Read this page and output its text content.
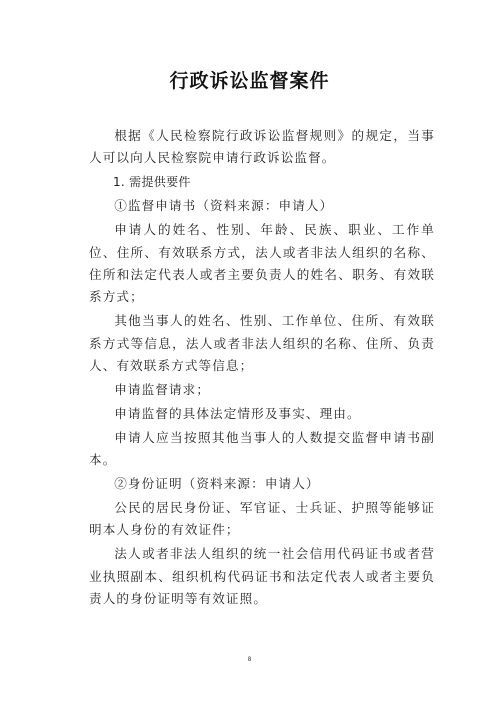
行政诉讼监督案件

根据《人民检察院行政诉讼监督规则》的规定，当事人可以向人民检察院申请行政诉讼监督。

1. 需提供要件

①监督申请书（资料来源：申请人）

申请人的姓名、性别、年龄、民族、职业、工作单位、住所、有效联系方式，法人或者非法人组织的名称、住所和法定代表人或者主要负责人的姓名、职务、有效联系方式；

其他当事人的姓名、性别、工作单位、住所、有效联系方式等信息，法人或者非法人组织的名称、住所、负责人、有效联系方式等信息；

申请监督请求；

申请监督的具体法定情形及事实、理由。

申请人应当按照其他当事人的人数提交监督申请书副本。

②身份证明（资料来源：申请人）

公民的居民身份证、军官证、士兵证、护照等能够证明本人身份的有效证件；

法人或者非法人组织的统一社会信用代码证书或者营业执照副本、组织机构代码证书和法定代表人或者主要负责人的身份证明等有效证照。

8
